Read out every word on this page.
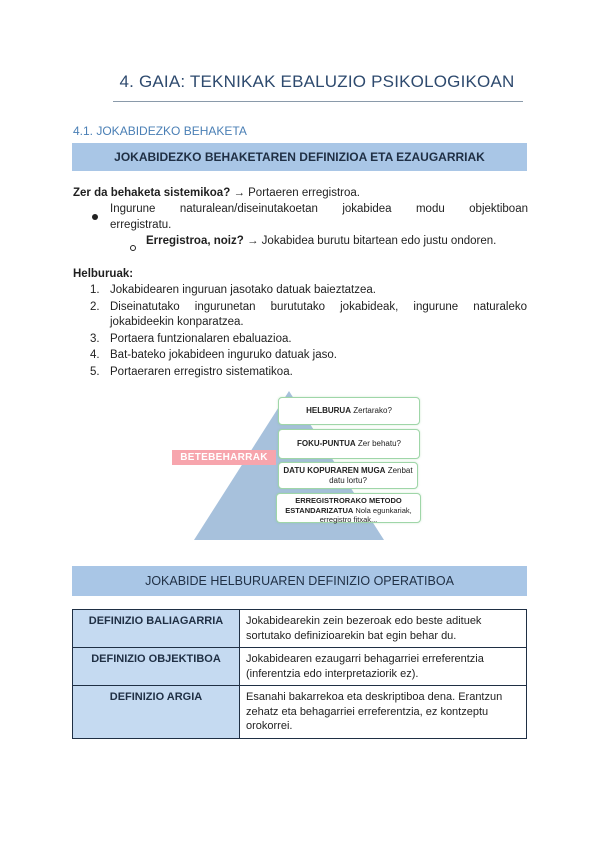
4. GAIA: TEKNIKAK EBALUZIO PSIKOLOGIKOAN
4.1. JOKABIDEZKO BEHAKETA
JOKABIDEZKO BEHAKETAREN DEFINIZIOA ETA EZAUGARRIAK
Zer da behaketa sistemikoa? → Portaeren erregistroa.
Ingurune naturalean/diseinutakoetan jokabidea modu objektiboan
erregistratu.
Erregistroa, noiz? → Jokabidea burutu bitartean edo justu ondoren.
Helburuak:
1. Jokabidearen inguruan jasotako datuak baieztatzea.
2. Diseinatutako ingurunetan burututako jokabideak, ingurune naturaleko
jokabideekin konparatzea.
3. Portaera funtzionalaren ebaluazioa.
4. Bat-bateko jokabideen inguruko datuak jaso.
5. Portaeraren erregistro sistematikoa.
BETEBEHARRAK
HELBURUA Zertarako?
FOKU-PUNTUA Zer behatu?
DATU KOPURAREN MUGA Zenbat datu lortu?
ERREGISTRORAKO METODO ESTANDARIZATUA Nola egunkariak, erregistro fitxak...
JOKABIDE HELBURUAREN DEFINIZIO OPERATIBOA
DEFINIZIO BALIAGARRIA	Jokabidearekin zein bezeroak edo beste adituek sortutako definizioarekin bat egin behar du.
DEFINIZIO OBJEKTIBOA	Jokabidearen ezaugarri behagarriei erreferentzia (inferentzia edo interpretaziorik ez).
DEFINIZIO ARGIA	Esanahi bakarrekoa eta deskriptiboa dena. Erantzun zehatz eta behagarriei erreferentzia, ez kontzeptu orokorrei.
